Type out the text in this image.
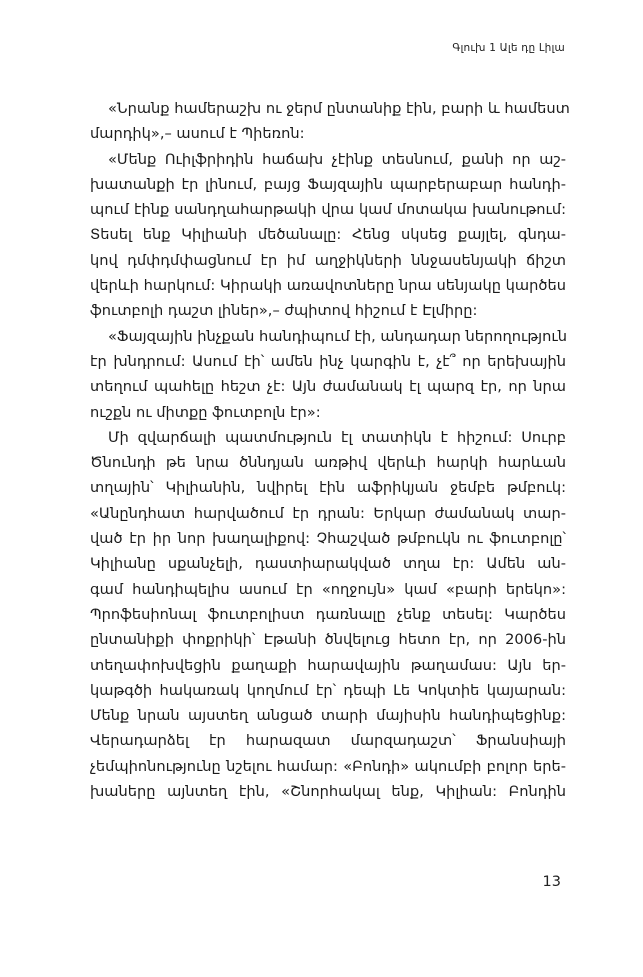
Գլուխ 1 Ալե դը Լիլա
«Նրանք համերաշխ ու ջերմ ընտանիք էին, բարի և համեստ
մարդիկ»,– ասում է Պիեռոն:
«Մենք Ուիլֆրիդին հաճախ չէինք տեսնում, քանի որ աշ-
խատանքի էր լինում, բայց Ֆայզային պարբերաբար հանդի-
պում էինք սանդղահարթակի վրա կամ մոտակա խանութում:
Տեսել ենք Կիլիանի մեծանալը: Հենց սկսեց քայլել, գնդա-
կով դմփդմփացնում էր իմ աղջիկների ննջասենյակի ճիշտ
վերևի հարկում: Կիրակի առավոտները նրա սենյակը կարծես
ֆուտբոլի դաշտ լիներ»,– ժպիտով հիշում է Էլմիրը:
«Ֆայզային ինչքան հանդիպում էի, անդադար ներողություն
էր խնդրում: Ասում էի՝ ամեն ինչ կարգին է, չէ՞ որ երեխային
տեղում պահելը հեշտ չէ: Այն ժամանակ էլ պարզ էր, որ նրա
ուշքն ու միտքը ֆուտբոլն էր»:
Մի զվարճալի պատմություն էլ տատիկն է հիշում: Սուրբ
Ծնունդի թե նրա ծննդյան առթիվ վերևի հարկի հարևան
տղային՝ Կիլիանին, նվիրել էին աֆրիկյան ջեմբե թմբուկ:
«Անընդհատ հարվածում էր դրան: Երկար ժամանակ տար-
ված էր իր նոր խաղալիքով: Չհաշված թմբուկն ու ֆուտբոլը՝
Կիլիանը սքանչելի, դաստիարակված տղա էր: Ամեն ան-
գամ հանդիպելիս ասում էր «ողջույն» կամ «բարի երեկո»:
Պրոֆեսիոնալ ֆուտբոլիստ դառնալը չենք տեսել: Կարծես
ընտանիքի փոքրիկի՝ Էթանի ծնվելուց հետո էր, որ 2006-ին
տեղափոխվեցին քաղաքի հարավային թաղամաս: Այն եր-
կաթգծի հակառակ կողմում էր՝ դեպի Լե Կոկտիե կայարան:
Մենք նրան այստեղ անցած տարի մայիսին հանդիպեցինք:
Վերադարձել էր հարազատ մարզադաշտ՝ Ֆրանսիայի
չեմպիոնությունը նշելու համար: «Բոնդի» ակումբի բոլոր երե-
խաները այնտեղ էին, «Շնորհակալ ենք, Կիլիան: Բոնդին
13
